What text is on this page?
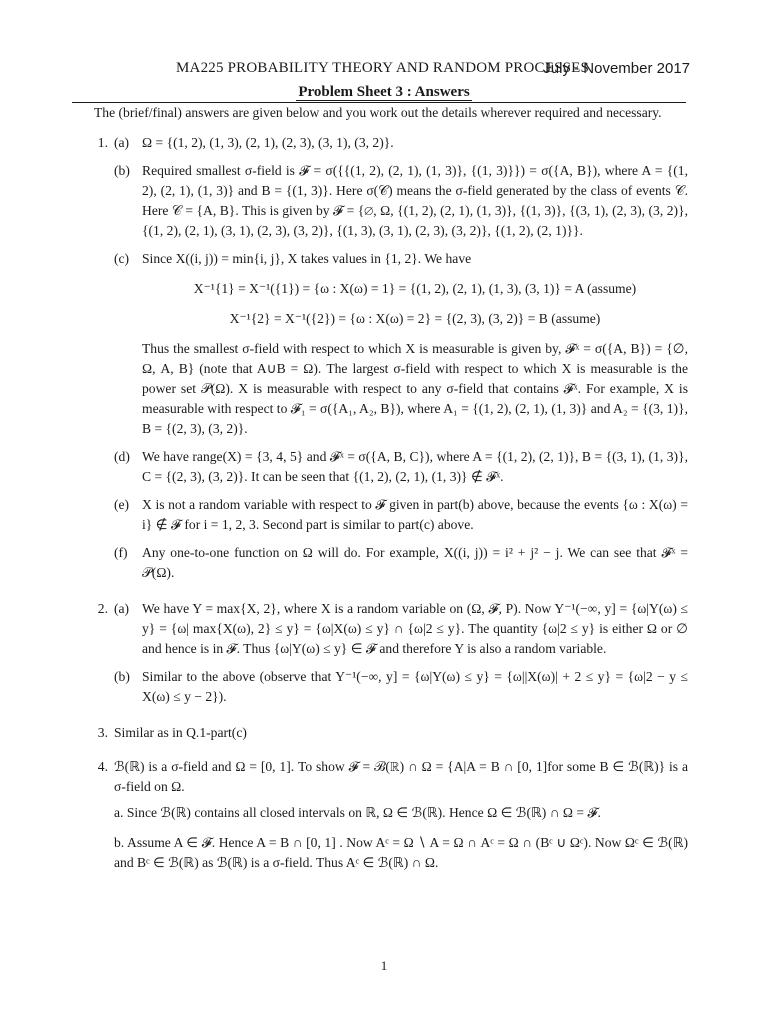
MA225 PROBABILITY THEORY AND RANDOM PROCESSES
July - November 2017
Problem Sheet 3 : Answers

The (brief/final) answers are given below and you work out the details wherever required and necessary.

1. (a) Ω = {(1, 2), (1, 3), (2, 1), (2, 3), (3, 1), (3, 2)}.
(b) Required smallest σ-field is 𝓕 = σ({{(1, 2), (2, 1), (1, 3)}, {(1, 3)}}) = σ({A, B}), where A = {(1, 2), (2, 1), (1, 3)} and B = {(1, 3)}. Here σ(𝒞) means the σ-field generated by the class of events 𝒞. Here 𝒞 = {A, B}. This is given by 𝓕 = {∅, Ω, {(1, 2), (2, 1), (1, 3)}, {(1, 3)}, {(3, 1), (2, 3), (3, 2)}, {(1, 2), (2, 1), (3, 1), (2, 3), (3, 2)}, {(1, 3), (3, 1), (2, 3), (3, 2)}, {(1, 2), (2, 1)}}.
(c) Since X((i, j)) = min{i, j}, X takes values in {1, 2}. We have
X⁻¹{1} = X⁻¹({1}) = {ω : X(ω) = 1} = {(1, 2), (2, 1), (1, 3), (3, 1)} = A (assume)
X⁻¹{2} = X⁻¹({2}) = {ω : X(ω) = 2} = {(2, 3), (3, 2)} = B (assume)
Thus the smallest σ-field with respect to which X is measurable is given by, 𝓕ˣ = σ({A, B}) = {∅, Ω, A, B} (note that A∪B = Ω). The largest σ-field with respect to which X is measurable is the power set 𝒫(Ω). X is measurable with respect to any σ-field that contains 𝓕ˣ. For example, X is measurable with respect to 𝓕₁ = σ({A₁, A₂, B}), where A₁ = {(1, 2), (2, 1), (1, 3)} and A₂ = {(3, 1)}, B = {(2, 3), (3, 2)}.
(d) We have range(X) = {3, 4, 5} and 𝓕ˣ = σ({A, B, C}), where A = {(1, 2), (2, 1)}, B = {(3, 1), (1, 3)}, C = {(2, 3), (3, 2)}. It can be seen that {(1, 2), (2, 1), (1, 3)} ∉ 𝓕ˣ.
(e) X is not a random variable with respect to 𝓕 given in part(b) above, because the events {ω : X(ω) = i} ∉ 𝓕 for i = 1, 2, 3. Second part is similar to part(c) above.
(f)	Any one-to-one function on Ω will do. For example, X((i, j)) = i² + j² − j. We can see that 𝓕ˣ = 𝒫(Ω).
2. (a) We have Y = max{X, 2}, where X is a random variable on (Ω, 𝓕, P). Now Y⁻¹(−∞, y] = {ω|Y(ω) ≤ y} = {ω| max{X(ω), 2} ≤ y} = {ω|X(ω) ≤ y} ∩ {ω|2 ≤ y}. The quantity {ω|2 ≤ y} is either Ω or ∅ and hence is in 𝓕. Thus {ω|Y(ω) ≤ y} ∈ 𝓕 and therefore Y is also a random variable.
(b) Similar to the above (observe that Y⁻¹(−∞, y] = {ω|Y(ω) ≤ y} = {ω||X(ω)| + 2 ≤ y} = {ω|2 − y ≤ X(ω) ≤ y − 2}).
3. Similar as in Q.1-part(c)
4. ℬ(ℝ) is a σ-field and Ω = [0, 1]. To show 𝓕 = ℬ(ℝ) ∩ Ω = {A|A = B ∩ [0, 1]for some B ∈ ℬ(ℝ)} is a σ-field on Ω.
a. Since ℬ(ℝ) contains all closed intervals on ℝ, Ω ∈ ℬ(ℝ). Hence Ω ∈ ℬ(ℝ) ∩ Ω = 𝓕.
b. Assume A ∈ 𝓕. Hence A = B ∩ [0, 1] . Now Aᶜ = Ω ∖ A = Ω ∩ Aᶜ = Ω ∩ (Bᶜ ∪ Ωᶜ). Now Ωᶜ ∈ ℬ(ℝ) and Bᶜ ∈ ℬ(ℝ) as ℬ(ℝ) is a σ-field. Thus Aᶜ ∈ ℬ(ℝ) ∩ Ω.
1
